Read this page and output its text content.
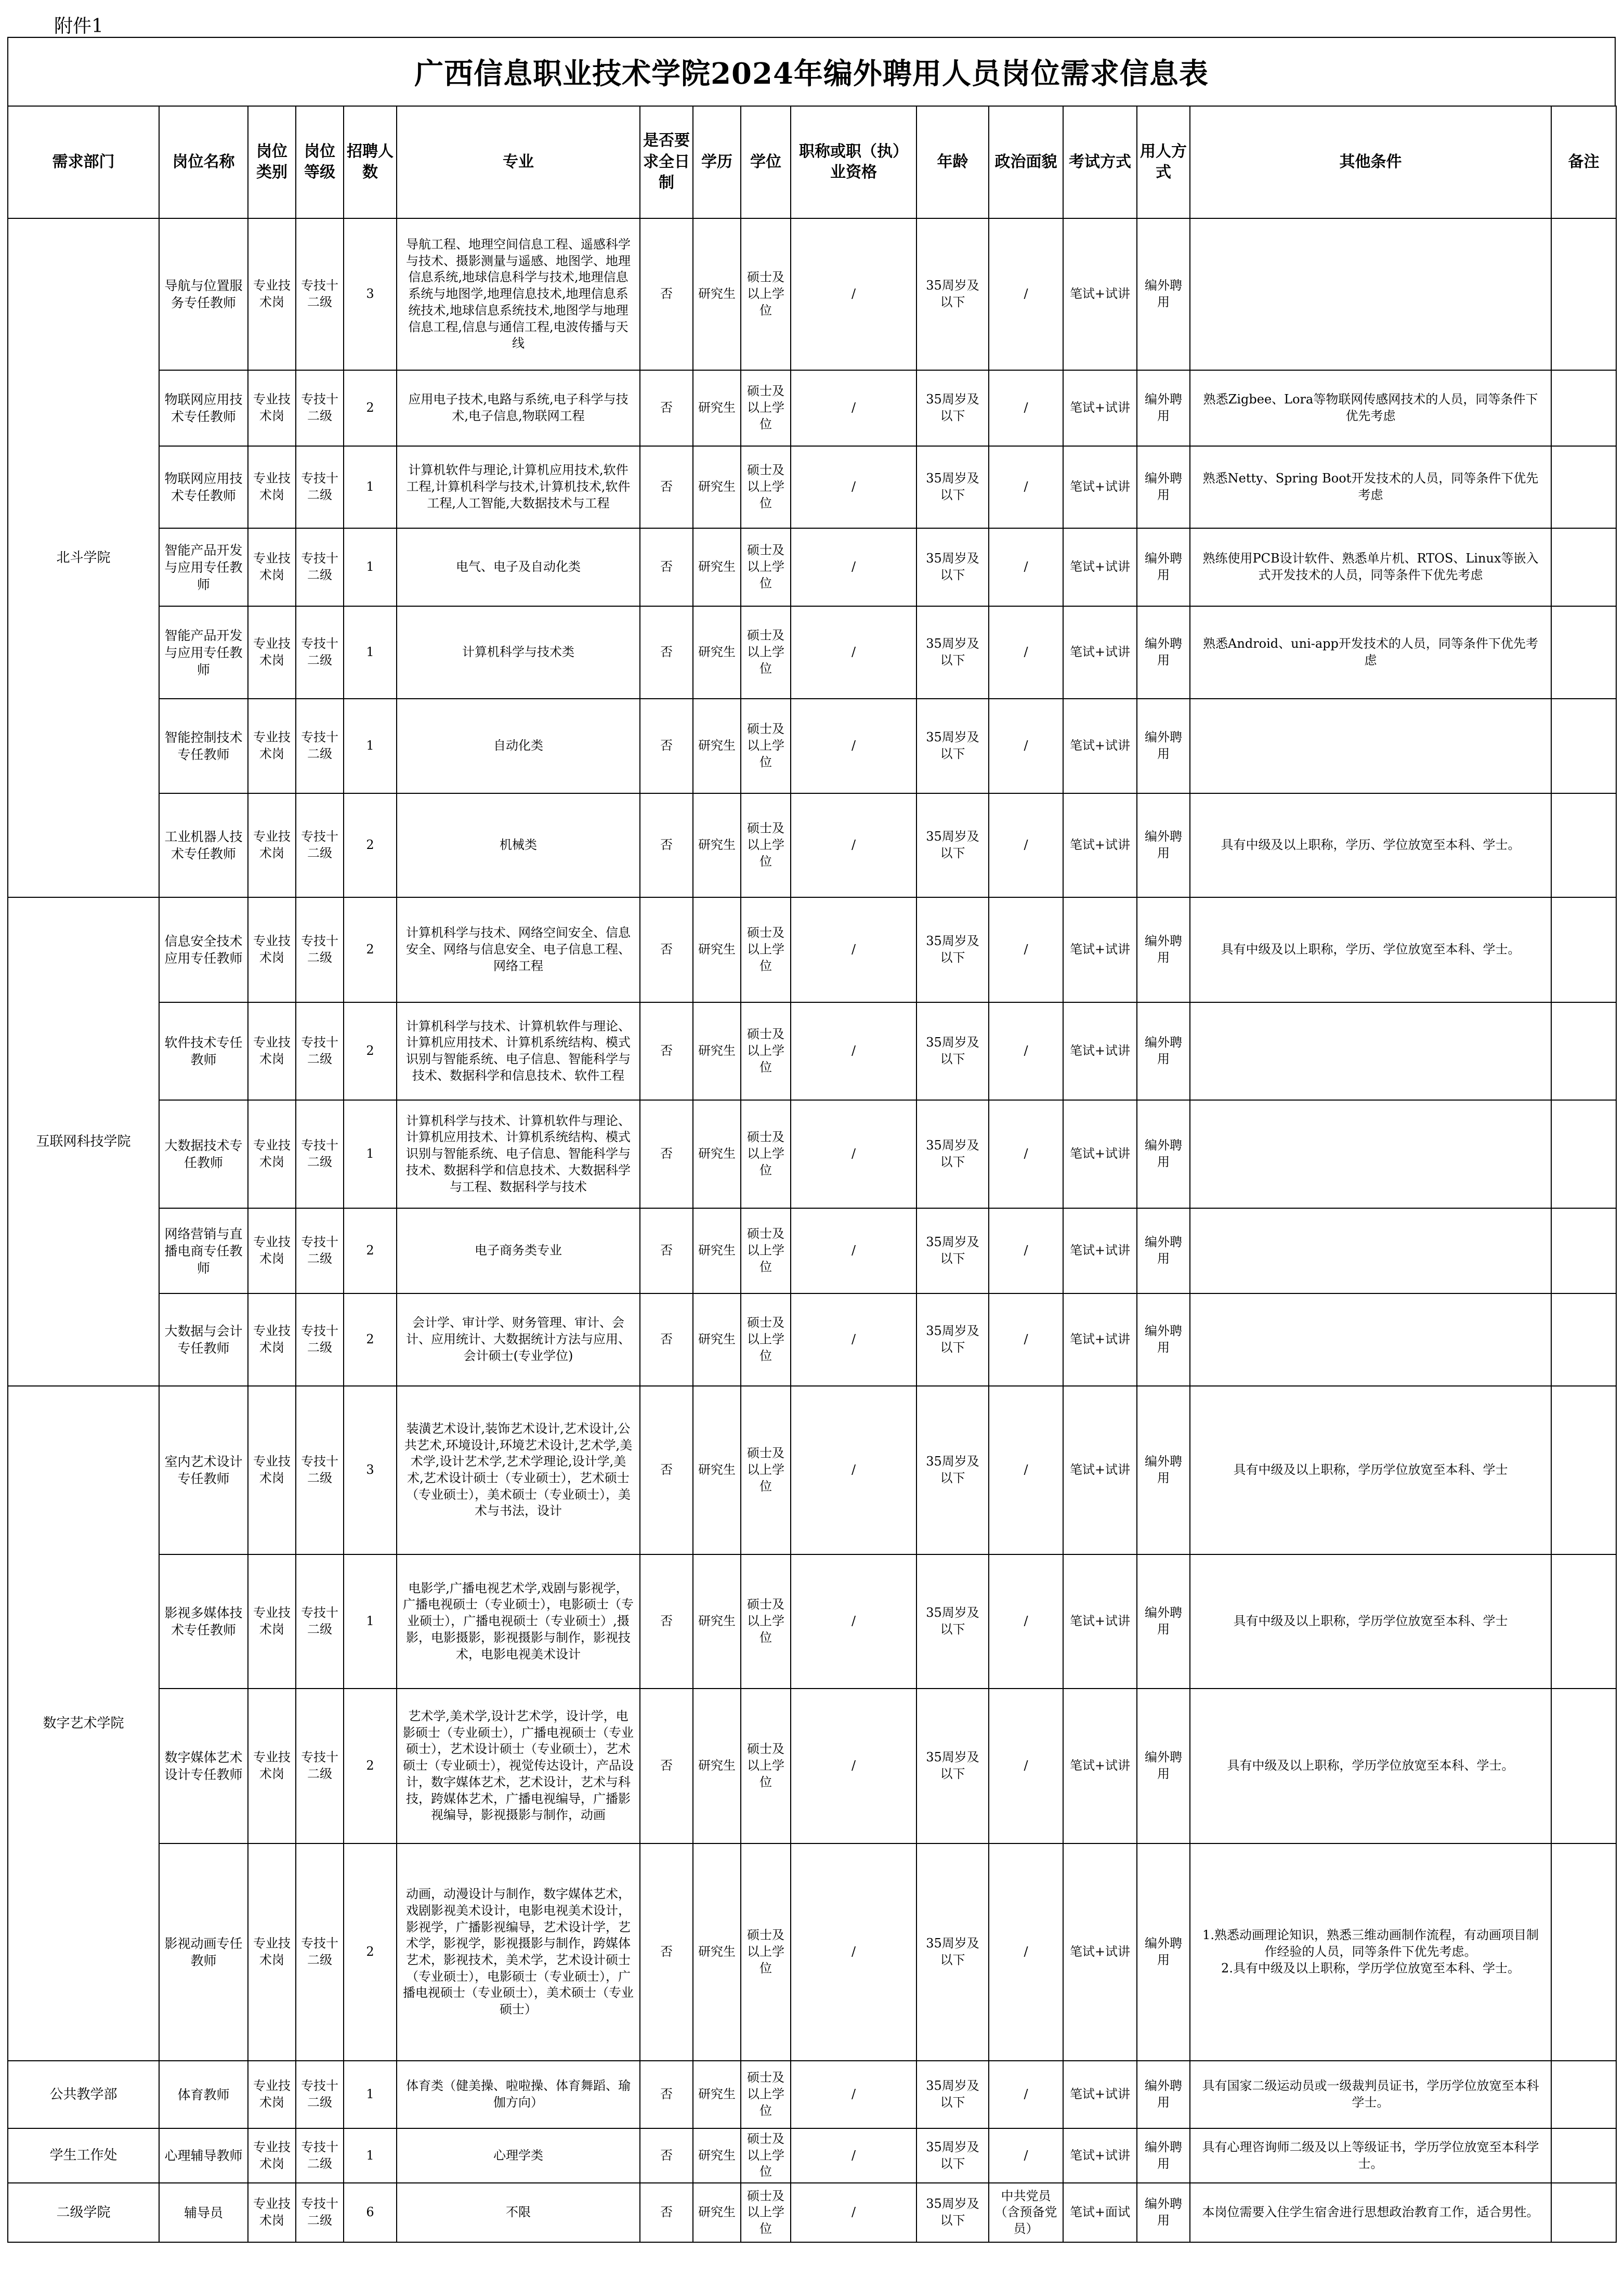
附件1
广西信息职业技术学院2024年编外聘用人员岗位需求信息表
需求部门	岗位名称	岗位类别	岗位等级	招聘人数	专业	是否要求全日制	学历	学位	职称或职（执）业资格	年龄	政治面貌	考试方式	用人方式	其他条件	备注
北斗学院	导航与位置服务专任教师	专业技术岗	专技十二级	3	导航工程、地理空间信息工程、遥感科学与技术、摄影测量与遥感、地图学、地理信息系统,地球信息科学与技术,地理信息系统与地图学,地理信息技术,地理信息系统技术,地球信息系统技术,地图学与地理信息工程,信息与通信工程,电波传播与天线	否	研究生	硕士及以上学位	/	35周岁及以下	/	笔试+试讲	编外聘用		
	物联网应用技术专任教师	专业技术岗	专技十二级	2	应用电子技术,电路与系统,电子科学与技术,电子信息,物联网工程	否	研究生	硕士及以上学位	/	35周岁及以下	/	笔试+试讲	编外聘用	熟悉Zigbee、Lora等物联网传感网技术的人员，同等条件下优先考虑	
	物联网应用技术专任教师	专业技术岗	专技十二级	1	计算机软件与理论,计算机应用技术,软件工程,计算机科学与技术,计算机技术,软件工程,人工智能,大数据技术与工程	否	研究生	硕士及以上学位	/	35周岁及以下	/	笔试+试讲	编外聘用	熟悉Netty、Spring Boot开发技术的人员，同等条件下优先考虑	
	智能产品开发与应用专任教师	专业技术岗	专技十二级	1	电气、电子及自动化类	否	研究生	硕士及以上学位	/	35周岁及以下	/	笔试+试讲	编外聘用	熟练使用PCB设计软件、熟悉单片机、RTOS、Linux等嵌入式开发技术的人员，同等条件下优先考虑	
	智能产品开发与应用专任教师	专业技术岗	专技十二级	1	计算机科学与技术类	否	研究生	硕士及以上学位	/	35周岁及以下	/	笔试+试讲	编外聘用	熟悉Android、uni-app开发技术的人员，同等条件下优先考虑	
	智能控制技术专任教师	专业技术岗	专技十二级	1	自动化类	否	研究生	硕士及以上学位	/	35周岁及以下	/	笔试+试讲	编外聘用		
	工业机器人技术专任教师	专业技术岗	专技十二级	2	机械类	否	研究生	硕士及以上学位	/	35周岁及以下	/	笔试+试讲	编外聘用	具有中级及以上职称，学历、学位放宽至本科、学士。	
互联网科技学院	信息安全技术应用专任教师	专业技术岗	专技十二级	2	计算机科学与技术、网络空间安全、信息安全、网络与信息安全、电子信息工程、网络工程	否	研究生	硕士及以上学位	/	35周岁及以下	/	笔试+试讲	编外聘用	具有中级及以上职称，学历、学位放宽至本科、学士。	
	软件技术专任教师	专业技术岗	专技十二级	2	计算机科学与技术、计算机软件与理论、计算机应用技术、计算机系统结构、模式识别与智能系统、电子信息、智能科学与技术、数据科学和信息技术、软件工程	否	研究生	硕士及以上学位	/	35周岁及以下	/	笔试+试讲	编外聘用		
	大数据技术专任教师	专业技术岗	专技十二级	1	计算机科学与技术、计算机软件与理论、计算机应用技术、计算机系统结构、模式识别与智能系统、电子信息、智能科学与技术、数据科学和信息技术、大数据科学与工程、数据科学与技术	否	研究生	硕士及以上学位	/	35周岁及以下	/	笔试+试讲	编外聘用		
	网络营销与直播电商专任教师	专业技术岗	专技十二级	2	电子商务类专业	否	研究生	硕士及以上学位	/	35周岁及以下	/	笔试+试讲	编外聘用		
	大数据与会计专任教师	专业技术岗	专技十二级	2	会计学、审计学、财务管理、审计、会计、应用统计、大数据统计方法与应用、会计硕士(专业学位)	否	研究生	硕士及以上学位	/	35周岁及以下	/	笔试+试讲	编外聘用		
数字艺术学院	室内艺术设计专任教师	专业技术岗	专技十二级	3	装潢艺术设计,装饰艺术设计,艺术设计,公共艺术,环境设计,环境艺术设计,艺术学,美术学,设计艺术学,艺术学理论,设计学,美术,艺术设计硕士（专业硕士），艺术硕士（专业硕士），美术硕士（专业硕士），美术与书法，设计	否	研究生	硕士及以上学位	/	35周岁及以下	/	笔试+试讲	编外聘用	具有中级及以上职称，学历学位放宽至本科、学士	
	影视多媒体技术专任教师	专业技术岗	专技十二级	1	电影学,广播电视艺术学,戏剧与影视学，广播电视硕士（专业硕士），电影硕士（专业硕士），广播电视硕士（专业硕士）,摄影，电影摄影，影视摄影与制作，影视技术，电影电视美术设计	否	研究生	硕士及以上学位	/	35周岁及以下	/	笔试+试讲	编外聘用	具有中级及以上职称，学历学位放宽至本科、学士	
	数字媒体艺术设计专任教师	专业技术岗	专技十二级	2	艺术学,美术学,设计艺术学，设计学，电影硕士（专业硕士），广播电视硕士（专业硕士），艺术设计硕士（专业硕士），艺术硕士（专业硕士），视觉传达设计，产品设计，数字媒体艺术，艺术设计，艺术与科技，跨媒体艺术，广播电视编导，广播影视编导，影视摄影与制作，动画	否	研究生	硕士及以上学位	/	35周岁及以下	/	笔试+试讲	编外聘用	具有中级及以上职称，学历学位放宽至本科、学士。	
	影视动画专任教师	专业技术岗	专技十二级	2	动画，动漫设计与制作，数字媒体艺术，戏剧影视美术设计，电影电视美术设计，影视学，广播影视编导，艺术设计学，艺术学，影视学，影视摄影与制作，跨媒体艺术，影视技术，美术学，艺术设计硕士（专业硕士），电影硕士（专业硕士），广播电视硕士（专业硕士），美术硕士（专业硕士）	否	研究生	硕士及以上学位	/	35周岁及以下	/	笔试+试讲	编外聘用	1.熟悉动画理论知识，熟悉三维动画制作流程，有动画项目制作经验的人员，同等条件下优先考虑。
2.具有中级及以上职称，学历学位放宽至本科、学士。	
公共教学部	体育教师	专业技术岗	专技十二级	1	体育类（健美操、啦啦操、体育舞蹈、瑜伽方向）	否	研究生	硕士及以上学位	/	35周岁及以下	/	笔试+试讲	编外聘用	具有国家二级运动员或一级裁判员证书，学历学位放宽至本科学士。	
学生工作处	心理辅导教师	专业技术岗	专技十二级	1	心理学类	否	研究生	硕士及以上学位	/	35周岁及以下	/	笔试+试讲	编外聘用	具有心理咨询师二级及以上等级证书，学历学位放宽至本科学士。	
二级学院	辅导员	专业技术岗	专技十二级	6	不限	否	研究生	硕士及以上学位	/	35周岁及以下	中共党员（含预备党员）	笔试+面试	编外聘用	本岗位需要入住学生宿舍进行思想政治教育工作，适合男性。	
